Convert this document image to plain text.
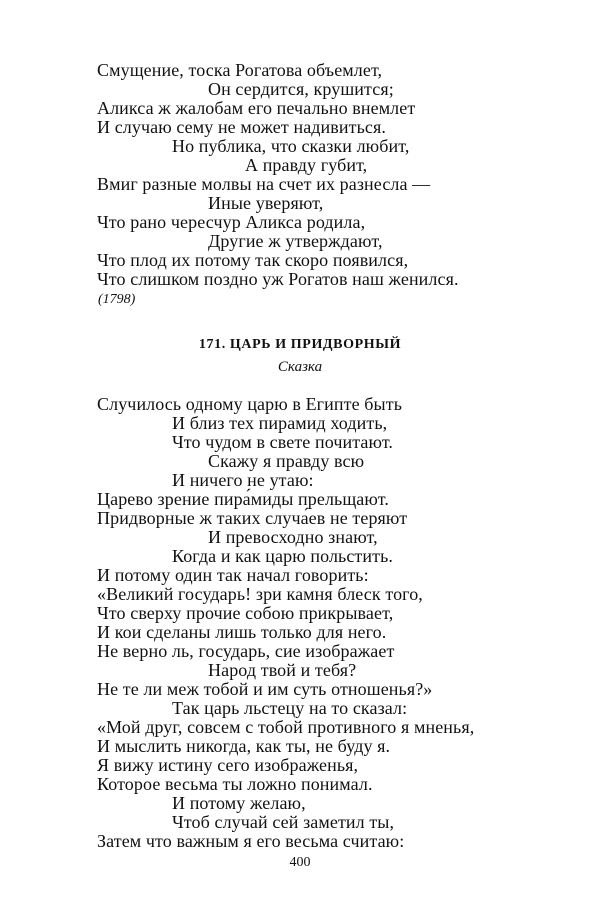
Смущение, тоска Рогатова объемлет,
Он сердится, крушится;
Аликса ж жалобам его печально внемлет
И случаю сему не может надивиться.
Но публика, что сказки любит,
А правду губит,
Вмиг разные молвы на счет их разнесла —
Иные уверяют,
Что рано чересчур Аликса родила,
Другие ж утверждают,
Что плод их потому так скоро появился,
Что слишком поздно уж Рогатов наш женился.
(1798)
171. ЦАРЬ И ПРИДВОРНЫЙ
Сказка
Случилось одному царю в Египте быть
И близ тех пирамид ходить,
Что чудом в свете почитают.
Скажу я правду всю
И ничего не утаю:
Царево зрение пира́миды прельщают.
Придворные ж таких случа́ев не теряют
И превосходно знают,
Когда и как царю польстить.
И потому один так начал говорить:
«Великий государь! зри камня блеск того,
Что сверху прочие собою прикрывает,
И кои сделаны лишь только для него.
Не верно ль, государь, сие изображает
Народ твой и тебя?
Не те ли меж тобой и им суть отношенья?»
Так царь льстецу на то сказал:
«Мой друг, совсем с тобой противного я мненья,
И мыслить никогда, как ты, не буду я.
Я вижу истину сего изображенья,
Которое весьма ты ложно понимал.
И потому желаю,
Чтоб случай сей заметил ты,
Затем что важным я его весьма считаю:
400
